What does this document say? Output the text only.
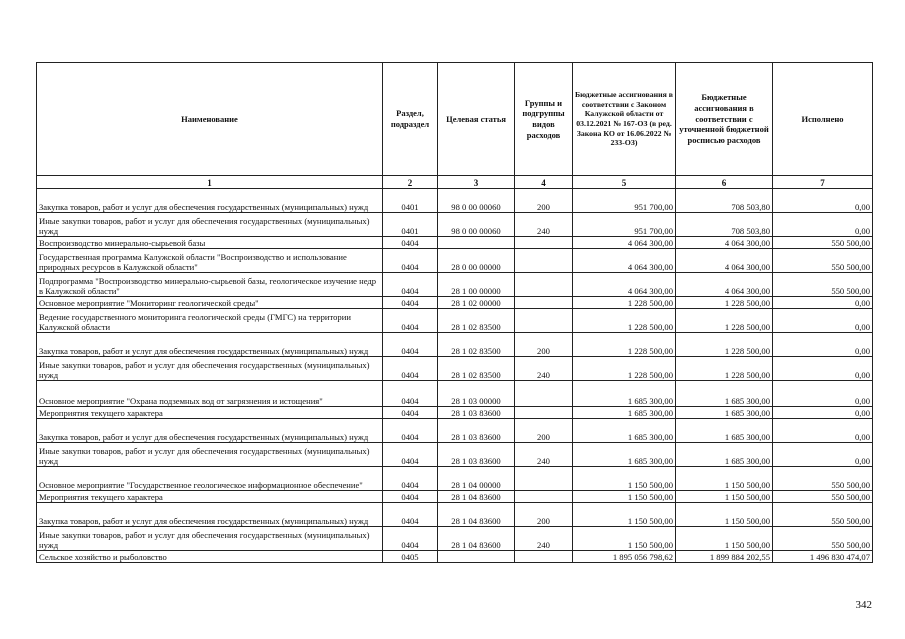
Наименование	Раздел, подраздел	Целевая статья	Группы и подгруппы видов расходов	Бюджетные ассигнования в соответствии с Законом Калужской области от 03.12.2021 № 167-ОЗ (в ред. Закона КО от 16.06.2022 № 233-ОЗ)	Бюджетные ассигнования в соответствии с уточненной бюджетной росписью расходов	Исполнено
1	2	3	4	5	6	7
Закупка товаров, работ и услуг для обеспечения государственных (муниципальных) нужд	0401	98 0 00 00060	200	951 700,00	708 503,80	0,00
Иные закупки товаров, работ и услуг для обеспечения государственных (муниципальных) нужд	0401	98 0 00 00060	240	951 700,00	708 503,80	0,00
Воспроизводство минерально-сырьевой базы	0404			4 064 300,00	4 064 300,00	550 500,00
Государственная программа Калужской области "Воспроизводство и использование природных ресурсов в Калужской области"	0404	28 0 00 00000		4 064 300,00	4 064 300,00	550 500,00
Подпрограмма "Воспроизводство минерально-сырьевой базы, геологическое изучение недр в Калужской области"	0404	28 1 00 00000		4 064 300,00	4 064 300,00	550 500,00
Основное мероприятие "Мониторинг геологической среды"	0404	28 1 02 00000		1 228 500,00	1 228 500,00	0,00
Ведение государственного мониторинга геологической среды (ГМГС) на территории Калужской области	0404	28 1 02 83500		1 228 500,00	1 228 500,00	0,00
Закупка товаров, работ и услуг для обеспечения государственных (муниципальных) нужд	0404	28 1 02 83500	200	1 228 500,00	1 228 500,00	0,00
Иные закупки товаров, работ и услуг для обеспечения государственных (муниципальных) нужд	0404	28 1 02 83500	240	1 228 500,00	1 228 500,00	0,00
Основное мероприятие "Охрана подземных вод от загрязнения и истощения"	0404	28 1 03 00000		1 685 300,00	1 685 300,00	0,00
Мероприятия текущего характера	0404	28 1 03 83600		1 685 300,00	1 685 300,00	0,00
Закупка товаров, работ и услуг для обеспечения государственных (муниципальных) нужд	0404	28 1 03 83600	200	1 685 300,00	1 685 300,00	0,00
Иные закупки товаров, работ и услуг для обеспечения государственных (муниципальных) нужд	0404	28 1 03 83600	240	1 685 300,00	1 685 300,00	0,00
Основное мероприятие "Государственное геологическое информационное обеспечение"	0404	28 1 04 00000		1 150 500,00	1 150 500,00	550 500,00
Мероприятия текущего характера	0404	28 1 04 83600		1 150 500,00	1 150 500,00	550 500,00
Закупка товаров, работ и услуг для обеспечения государственных (муниципальных) нужд	0404	28 1 04 83600	200	1 150 500,00	1 150 500,00	550 500,00
Иные закупки товаров, работ и услуг для обеспечения государственных (муниципальных) нужд	0404	28 1 04 83600	240	1 150 500,00	1 150 500,00	550 500,00
Сельское хозяйство и рыболовство	0405			1 895 056 798,62	1 899 884 202,55	1 496 830 474,07
342
